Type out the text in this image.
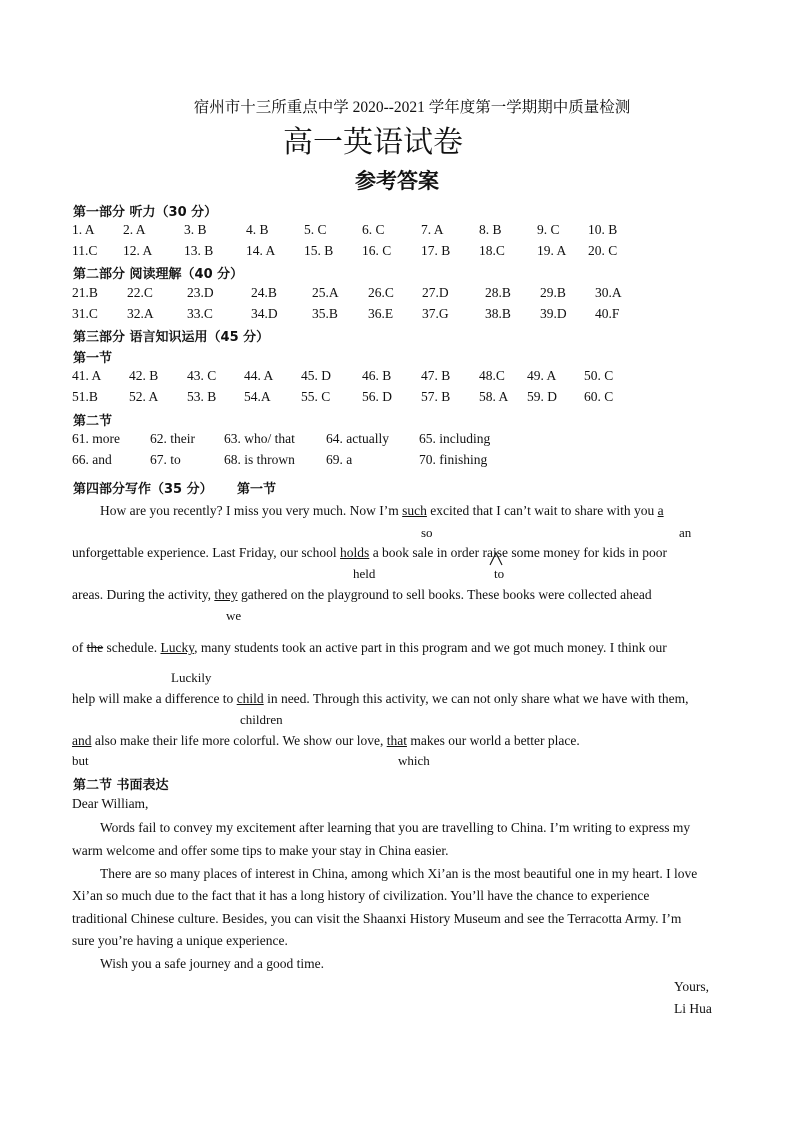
宿州市十三所重点中学 2020--2021 学年度第一学期期中质量检测
高一英语试卷
参考答案
第一部分 听力（30 分）
1. A 2. A	3. B	4. B	5. C	6. C	7. A	8. B	9. C 10. B
11.C 12. A 13. B 14. A 15. B 16. C 17. B 18.C 19. A 20. C
第二部分 阅读理解（40 分）
21.B 22.C	23.D	24.B	25.A 26.C 27.D	28.B 29.B 30.A
31.C 32.A 33.C	34.D	35.B 36.E 37.G	38.B 39.D 40.F
第三部分 语言知识运用（45 分）
第一节
41. A 42. B 43. C 44. A 45. D 46. B 47. B 48.C 49. A 50. C
51.B 52. A 53. B 54.A 55. C 56. D 57. B 58. A 59. D 60. C
第二节
61. more 62. their 63. who/ that 64. actually 65. including
66. and	67. to	68. is thrown 69. a	70. finishing
第四部分写作（35 分） 第一节
How are you recently? I miss you very much. Now I’m such excited that I can’t wait to share with you a
so	an
unforgettable experience. Last Friday, our school holds a book sale in order raise some money for kids in poor
held	to
areas. During the activity, they gathered on the playground to sell books. These books were collected ahead
we
of the schedule. Lucky, many students took an active part in this program and we got much money. I think our
Luckily
help will make a difference to child in need. Through this activity, we can not only share what we have with them,
children
and also make their life more colorful. We show our love, that makes our world a better place.
but	which
第二节 书面表达
Dear William,
Words fail to convey my excitement after learning that you are travelling to China. I’m writing to express my
warm welcome and offer some tips to make your stay in China easier.
There are so many places of interest in China, among which Xi’an is the most beautiful one in my heart. I love
Xi’an so much due to the fact that it has a long history of civilization. You’ll have the chance to experience
traditional Chinese culture. Besides, you can visit the Shaanxi History Museum and see the Terracotta Army. I’m
sure you’re having a unique experience.
Wish you a safe journey and a good time.
Yours,
Li Hua
